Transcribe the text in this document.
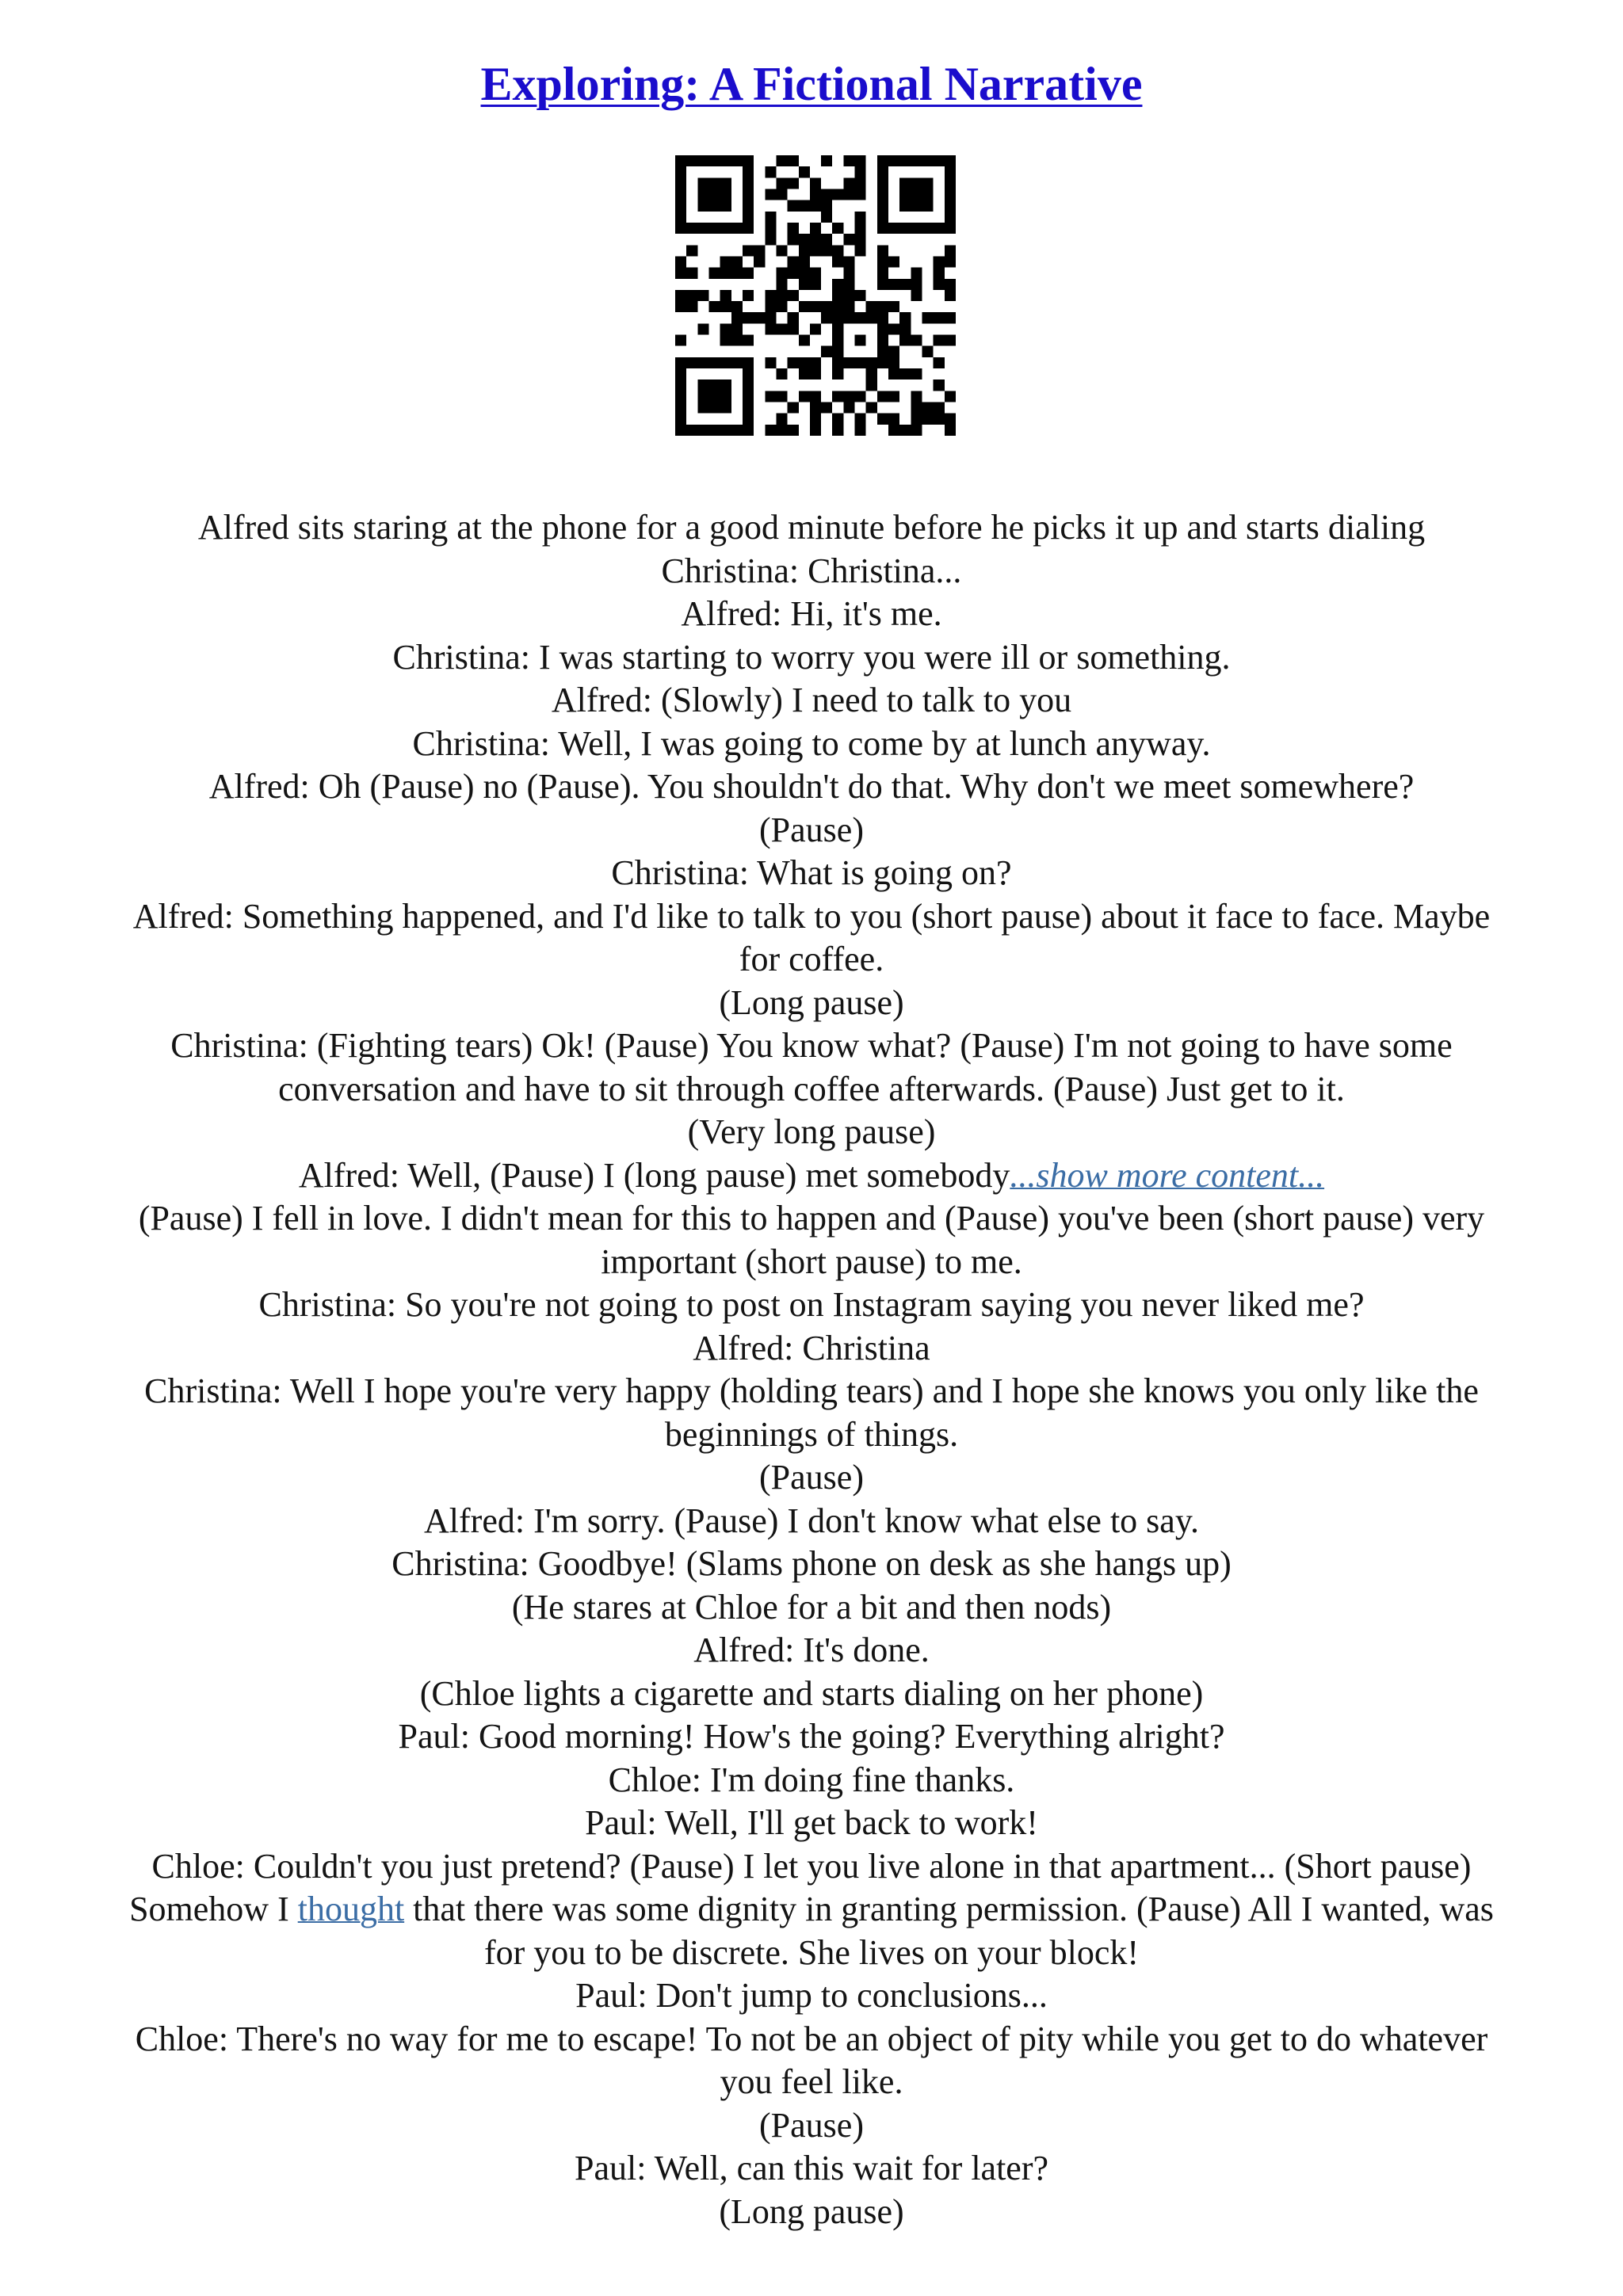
Exploring: A Fictional Narrative
Alfred sits staring at the phone for a good minute before he picks it up and starts dialing
Christina: Christina...
Alfred: Hi, it's me.
Christina: I was starting to worry you were ill or something.
Alfred: (Slowly) I need to talk to you
Christina: Well, I was going to come by at lunch anyway.
Alfred: Oh (Pause) no (Pause). You shouldn't do that. Why don't we meet somewhere?
(Pause)
Christina: What is going on?
Alfred: Something happened, and I'd like to talk to you (short pause) about it face to face. Maybe
for coffee.
(Long pause)
Christina: (Fighting tears) Ok! (Pause) You know what? (Pause) I'm not going to have some
conversation and have to sit through coffee afterwards. (Pause) Just get to it.
(Very long pause)
Alfred: Well, (Pause) I (long pause) met somebody...show more content...
(Pause) I fell in love. I didn't mean for this to happen and (Pause) you've been (short pause) very
important (short pause) to me.
Christina: So you're not going to post on Instagram saying you never liked me?
Alfred: Christina
Christina: Well I hope you're very happy (holding tears) and I hope she knows you only like the
beginnings of things.
(Pause)
Alfred: I'm sorry. (Pause) I don't know what else to say.
Christina: Goodbye! (Slams phone on desk as she hangs up)
(He stares at Chloe for a bit and then nods)
Alfred: It's done.
(Chloe lights a cigarette and starts dialing on her phone)
Paul: Good morning! How's the going? Everything alright?
Chloe: I'm doing fine thanks.
Paul: Well, I'll get back to work!
Chloe: Couldn't you just pretend? (Pause) I let you live alone in that apartment... (Short pause)
Somehow I thought that there was some dignity in granting permission. (Pause) All I wanted, was
for you to be discrete. She lives on your block!
Paul: Don't jump to conclusions...
Chloe: There's no way for me to escape! To not be an object of pity while you get to do whatever
you feel like.
(Pause)
Paul: Well, can this wait for later?
(Long pause)
